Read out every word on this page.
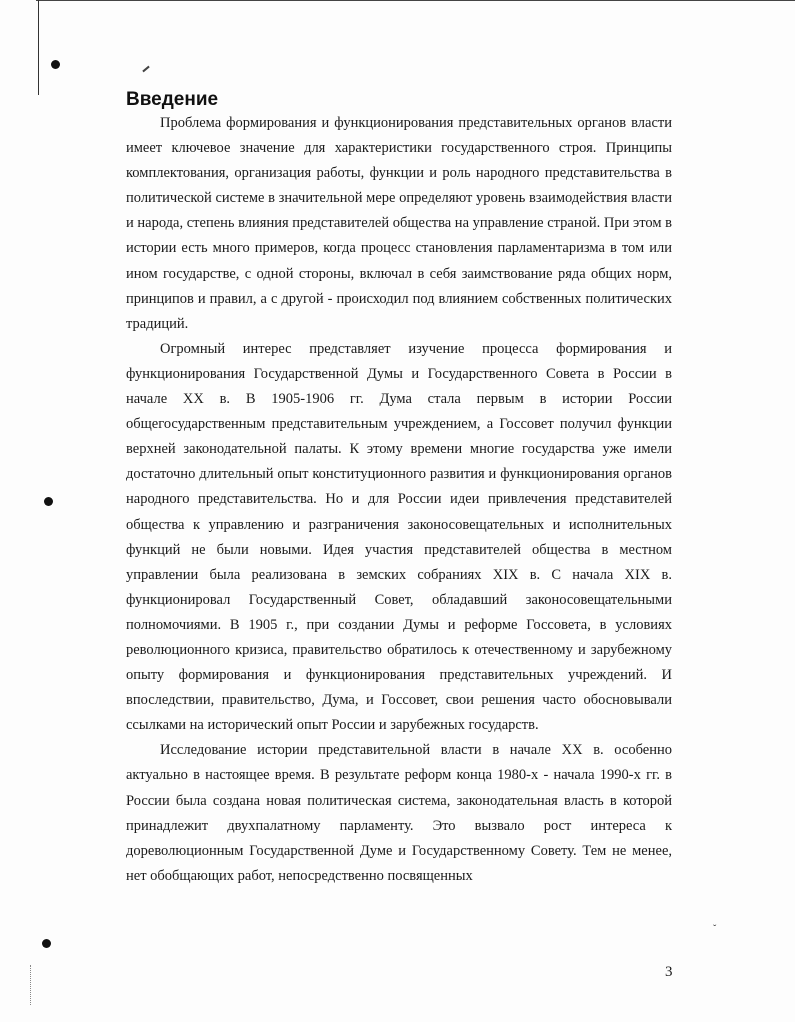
ˇ
Введение

Проблема формирования и функционирования представительных органов власти имеет ключевое значение для характеристики государственного строя. Принципы комплектования, организация работы, функции и роль народного представительства в политической системе в значительной мере определяют уровень взаимодействия власти и народа, степень влияния представителей общества на управление страной. При этом в истории есть много примеров, когда процесс становления парламентаризма в том или ином государстве, с одной стороны, включал в себя заимствование ряда общих норм, принципов и правил, а с другой - происходил под влиянием собственных политических традиций.

Огромный интерес представляет изучение процесса формирования и функционирования Государственной Думы и Государственного Совета в России в начале XX в. В 1905-1906 гг. Дума стала первым в истории России общегосударственным представительным учреждением, а Госсовет получил функции верхней законодательной палаты. К этому времени многие государства уже имели достаточно длительный опыт конституционного развития и функционирования органов народного представительства. Но и для России идеи привлечения представителей общества к управлению и разграничения законосовещательных и исполнительных функций не были новыми. Идея участия представителей общества в местном управлении была реализована в земских собраниях XIX в. С начала XIX в. функционировал Государственный Совет, обладавший законосовещательными полномочиями. В 1905 г., при создании Думы и реформе Госсовета, в условиях революционного кризиса, правительство обратилось к отечественному и зарубежному опыту формирования и функционирования представительных учреждений. И впоследствии, правительство, Дума, и Госсовет, свои решения часто обосновывали ссылками на исторический опыт России и зарубежных государств.

Исследование истории представительной власти в начале XX в. особенно актуально в настоящее время. В результате реформ конца 1980-х - начала 1990-х гг. в России была создана новая политическая система, законодательная власть в которой принадлежит двухпалатному парламенту. Это вызвало рост интереса к дореволюционным Государственной Думе и Государственному Совету. Тем не менее, нет обобщающих работ, непосредственно посвященных

3
